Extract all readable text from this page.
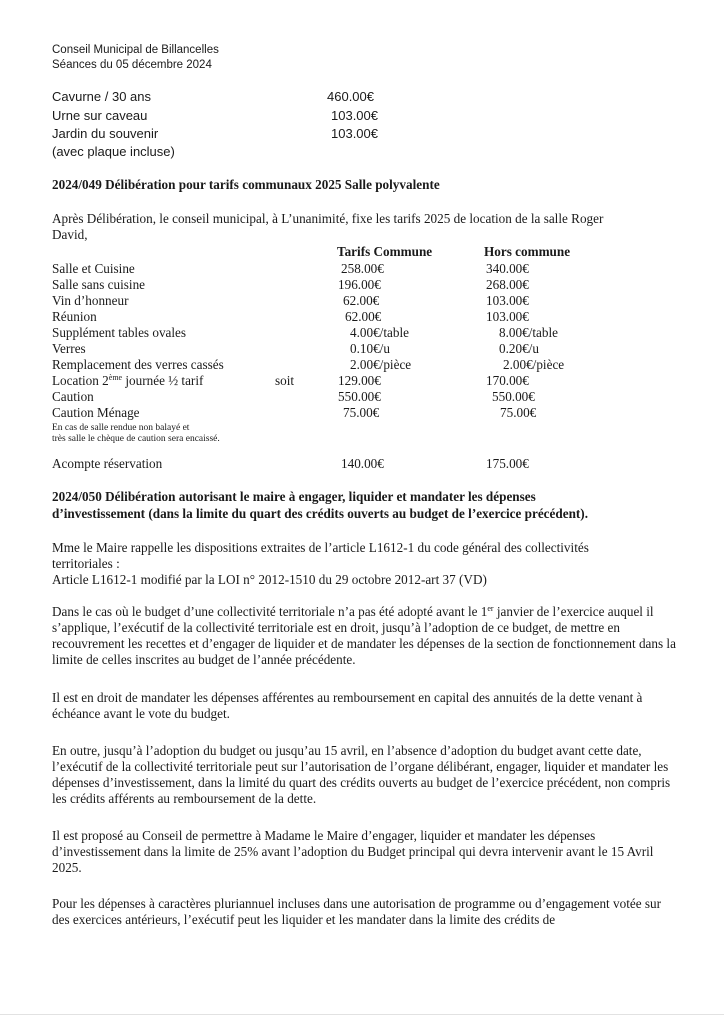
Conseil Municipal de Billancelles
Séances du 05 décembre 2024
Cavurne / 30 ans	460.00€
Urne sur caveau	103.00€
Jardin du souvenir	103.00€
(avec plaque incluse)
2024/049 Délibération pour tarifs communaux 2025 Salle polyvalente
Après Délibération, le conseil municipal, à L’unanimité, fixe les tarifs 2025 de location de la salle Roger
David,
Tarifs Commune	Hors commune
Salle et Cuisine	258.00€	340.00€
Salle sans cuisine	196.00€	268.00€
Vin d’honneur	62.00€	103.00€
Réunion	62.00€	103.00€
Supplément tables ovales	4.00€/table	8.00€/table
Verres	0.10€/u	0.20€/u
Remplacement des verres cassés	2.00€/pièce	2.00€/pièce
Location 2ème journée ½ tarif	soit	129.00€	170.00€
Caution	550.00€	550.00€
Caution Ménage	75.00€	75.00€
En cas de salle rendue non balayé et
très salle le chèque de caution sera encaissé.
Acompte réservation	140.00€	175.00€
2024/050 Délibération autorisant le maire à engager, liquider et mandater les dépenses
d’investissement (dans la limite du quart des crédits ouverts au budget de l’exercice précédent).
Mme le Maire rappelle les dispositions extraites de l’article L1612-1 du code général des collectivités
territoriales :
Article L1612-1 modifié par la LOI n° 2012-1510 du 29 octobre 2012-art 37 (VD)

Dans le cas où le budget d’une collectivité territoriale n’a pas été adopté avant le 1er janvier de l’exercice auquel il s’applique, l’exécutif de la collectivité territoriale est en droit, jusqu’à l’adoption de ce budget, de mettre en recouvrement les recettes et d’engager de liquider et de mandater les dépenses de la section de fonctionnement dans la limite de celles inscrites au budget de l’année précédente.

Il est en droit de mandater les dépenses afférentes au remboursement en capital des annuités de la dette venant à échéance avant le vote du budget.

En outre, jusqu’à l’adoption du budget ou jusqu’au 15 avril, en l’absence d’adoption du budget avant cette date, l’exécutif de la collectivité territoriale peut sur l’autorisation de l’organe délibérant, engager, liquider et mandater les dépenses d’investissement, dans la limité du quart des crédits ouverts au budget de l’exercice précédent, non compris les crédits afférents au remboursement de la dette.

Il est proposé au Conseil de permettre à Madame le Maire d’engager, liquider et mandater les dépenses d’investissement dans la limite de 25% avant l’adoption du Budget principal qui devra intervenir avant le 15 Avril 2025.

Pour les dépenses à caractères pluriannuel incluses dans une autorisation de programme ou d’engagement votée sur des exercices antérieurs, l’exécutif peut les liquider et les mandater dans la limite des crédits de
